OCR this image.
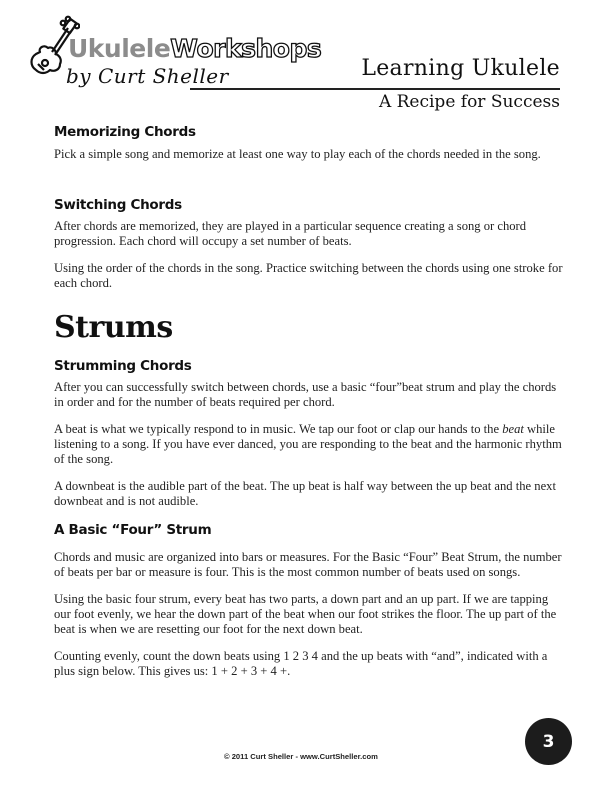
UkuleleWorkshops
by Curt Sheller	Learning Ukulele
A Recipe for Success
Memorizing Chords

Pick a simple song and memorize at least one way to play each of the chords needed in the song.

Switching Chords

After chords are memorized, they are played in a particular sequence creating a song or chord progression. Each chord will occupy a set number of beats.

Using the order of the chords in the song. Practice switching between the chords using one stroke for each chord.

Strums
Strumming Chords

After you can successfully switch between chords, use a basic “four”beat strum and play the chords in order and for the number of beats required per chord.

A beat is what we typically respond to in music. We tap our foot or clap our hands to the beat while listening to a song. If you have ever danced, you are responding to the beat and the harmonic rhythm of the song.

A downbeat is the audible part of the beat. The up beat is half way between the up beat and the next downbeat and is not audible.

A Basic “Four” Strum

Chords and music are organized into bars or measures. For the Basic “Four” Beat Strum, the number of beats per bar or measure is four. This is the most common number of beats used on songs.

Using the basic four strum, every beat has two parts, a down part and an up part. If we are tapping our foot evenly, we hear the down part of the beat when our foot strikes the floor. The up part of the beat is when we are resetting our foot for the next down beat.

Counting evenly, count the down beats using 1 2 3 4 and the up beats with “and”, indicated with a plus sign below. This gives us: 1 + 2 + 3 + 4 +.

© 2011 Curt Sheller - www.CurtSheller.com
3
